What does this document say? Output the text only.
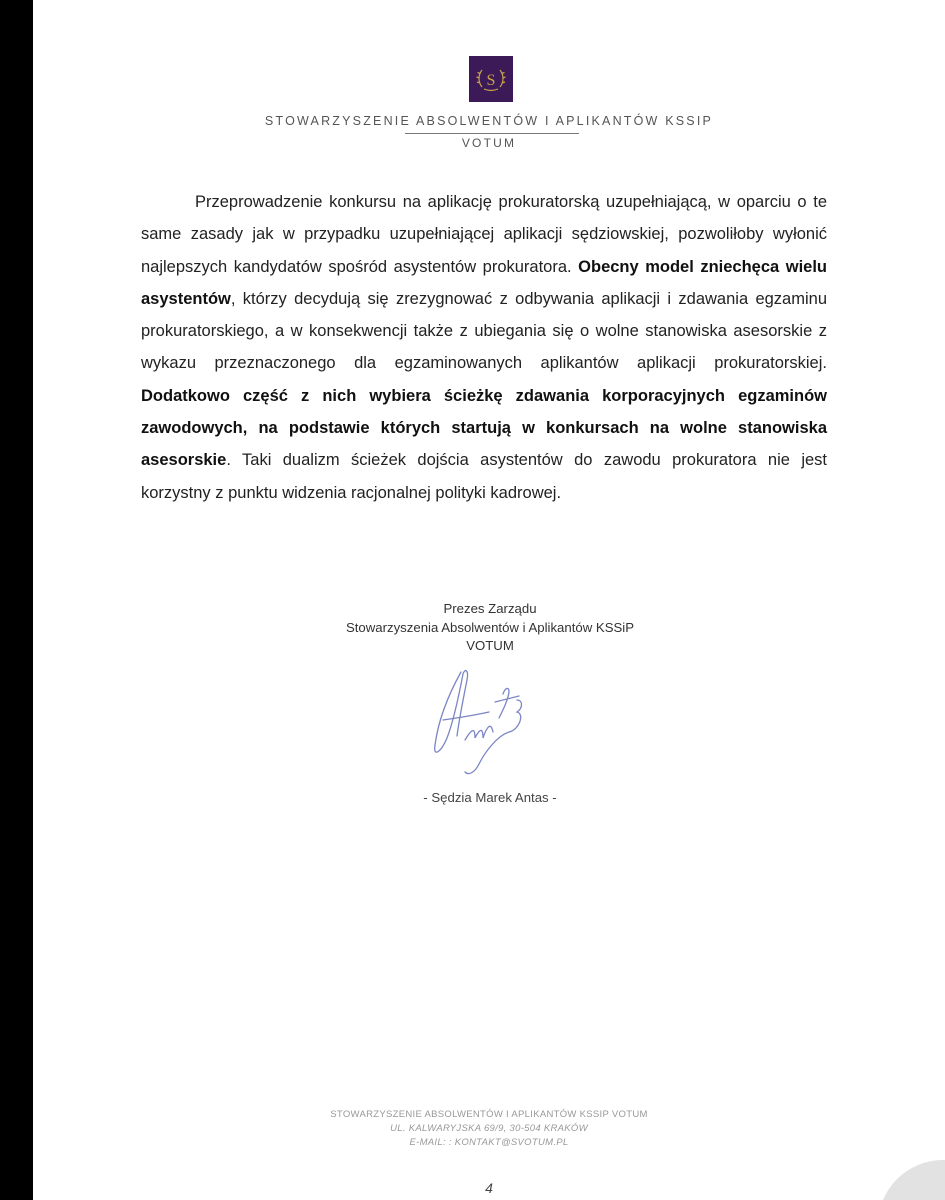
S
STOWARZYSZENIE ABSOLWENTÓW I APLIKANTÓW KSSIP
VOTUM

Przeprowadzenie konkursu na aplikację prokuratorską uzupełniającą, w oparciu o te same zasady jak w przypadku uzupełniającej aplikacji sędziowskiej, pozwoliłoby wyłonić najlepszych kandydatów spośród asystentów prokuratora. Obecny model zniechęca wielu asystentów, którzy decydują się zrezygnować z odbywania aplikacji i zdawania egzaminu prokuratorskiego, a w konsekwencji także z ubiegania się o wolne stanowiska asesorskie z wykazu przeznaczonego dla egzaminowanych aplikantów aplikacji prokuratorskiej. Dodatkowo część z nich wybiera ścieżkę zdawania korporacyjnych egzaminów zawodowych, na podstawie których startują w konkursach na wolne stanowiska asesorskie. Taki dualizm ścieżek dojścia asystentów do zawodu prokuratora nie jest korzystny z punktu widzenia racjonalnej polityki kadrowej.

Prezes Zarządu
Stowarzyszenia Absolwentów i Aplikantów KSSiP
VOTUM
- Sędzia Marek Antas -
STOWARZYSZENIE ABSOLWENTÓW I APLIKANTÓW KSSIP VOTUM
UL. KALWARYJSKA 69/9, 30-504 KRAKÓW
E-MAIL: : KONTAKT@SVOTUM.PL
4
